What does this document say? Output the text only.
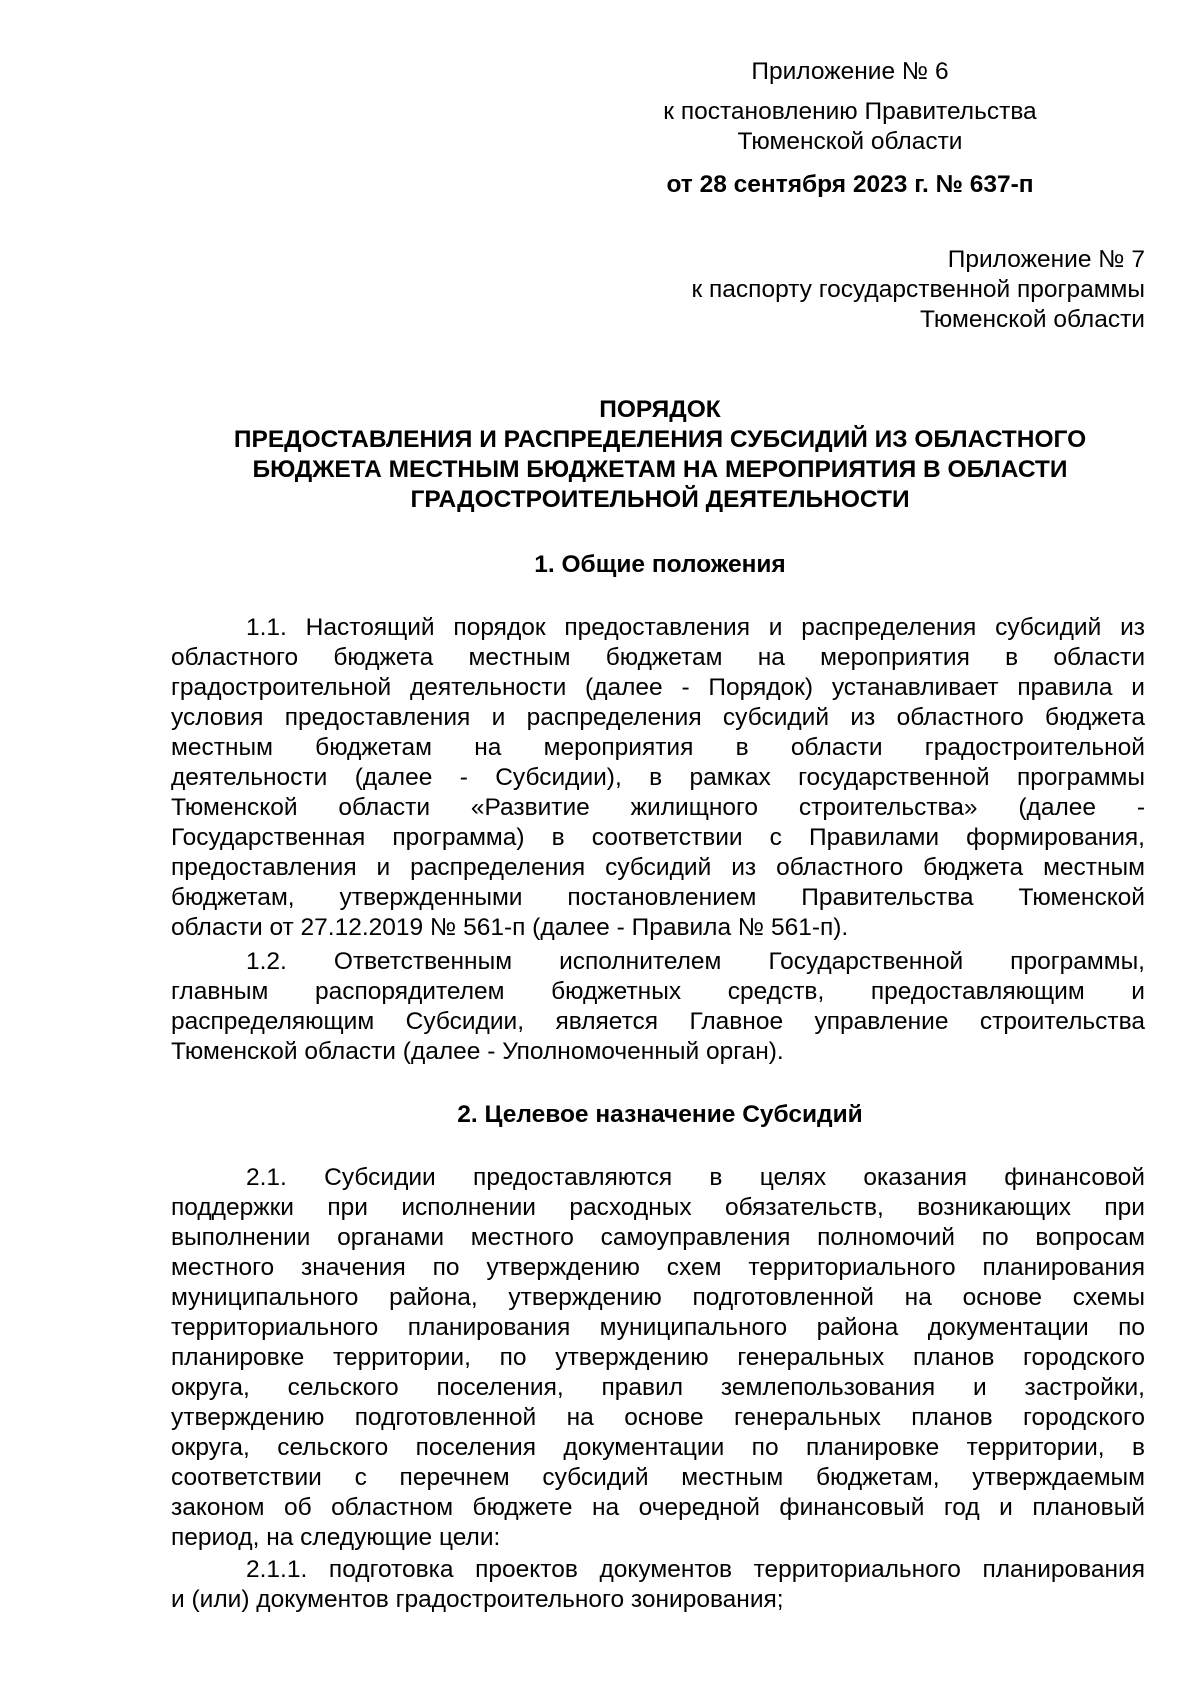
Приложение № 6
к постановлению Правительства
Тюменской области
от 28 сентября 2023 г. № 637-п
Приложение № 7
к паспорту государственной программы
Тюменской области
ПОРЯДОК
ПРЕДОСТАВЛЕНИЯ И РАСПРЕДЕЛЕНИЯ СУБСИДИЙ ИЗ ОБЛАСТНОГО
БЮДЖЕТА МЕСТНЫМ БЮДЖЕТАМ НА МЕРОПРИЯТИЯ В ОБЛАСТИ
ГРАДОСТРОИТЕЛЬНОЙ ДЕЯТЕЛЬНОСТИ
1. Общие положения
1.1. Настоящий порядок предоставления и распределения субсидий из
областного бюджета местным бюджетам на мероприятия в области
градостроительной деятельности (далее - Порядок) устанавливает правила и
условия предоставления и распределения субсидий из областного бюджета
местным бюджетам на мероприятия в области градостроительной
деятельности (далее - Субсидии), в рамках государственной программы
Тюменской области «Развитие жилищного строительства» (далее -
Государственная программа) в соответствии с Правилами формирования,
предоставления и распределения субсидий из областного бюджета местным
бюджетам, утвержденными постановлением Правительства Тюменской
области от 27.12.2019 № 561-п (далее - Правила № 561-п).
1.2. Ответственным исполнителем Государственной программы,
главным распорядителем бюджетных средств, предоставляющим и
распределяющим Субсидии, является Главное управление строительства
Тюменской области (далее - Уполномоченный орган).
2. Целевое назначение Субсидий
2.1. Субсидии предоставляются в целях оказания финансовой
поддержки при исполнении расходных обязательств, возникающих при
выполнении органами местного самоуправления полномочий по вопросам
местного значения по утверждению схем территориального планирования
муниципального района, утверждению подготовленной на основе схемы
территориального планирования муниципального района документации по
планировке территории, по утверждению генеральных планов городского
округа, сельского поселения, правил землепользования и застройки,
утверждению подготовленной на основе генеральных планов городского
округа, сельского поселения документации по планировке территории, в
соответствии с перечнем субсидий местным бюджетам, утверждаемым
законом об областном бюджете на очередной финансовый год и плановый
период, на следующие цели:
2.1.1. подготовка проектов документов территориального планирования
и (или) документов градостроительного зонирования;
